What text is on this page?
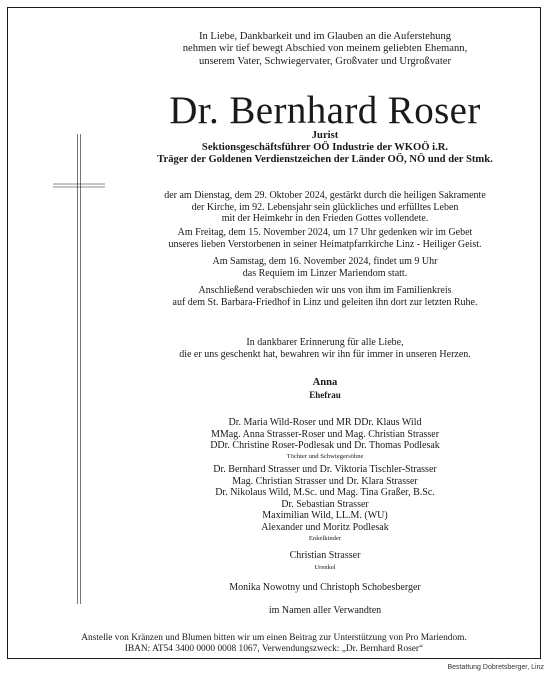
In Liebe, Dankbarkeit und im Glauben an die Auferstehung
nehmen wir tief bewegt Abschied von meinem geliebten Ehemann,
unserem Vater, Schwiegervater, Großvater und Urgroßvater
Dr. Bernhard Roser
Jurist
Sektionsgeschäftsführer OÖ Industrie der WKOÖ i.R.
Träger der Goldenen Verdienstzeichen der Länder OÖ, NÖ und der Stmk.
der am Dienstag, dem 29. Oktober 2024, gestärkt durch die heiligen Sakramente
der Kirche, im 92. Lebensjahr sein glückliches und erfülltes Leben
mit der Heimkehr in den Frieden Gottes vollendete.
Am Freitag, dem 15. November 2024, um 17 Uhr gedenken wir im Gebet
unseres lieben Verstorbenen in seiner Heimatpfarrkirche Linz - Heiliger Geist.
Am Samstag, dem 16. November 2024, findet um 9 Uhr
das Requiem im Linzer Mariendom statt.
Anschließend verabschieden wir uns von ihm im Familienkreis
auf dem St. Barbara-Friedhof in Linz und geleiten ihn dort zur letzten Ruhe.
In dankbarer Erinnerung für alle Liebe,
die er uns geschenkt hat, bewahren wir ihn für immer in unseren Herzen.
Anna
Ehefrau
Dr. Maria Wild-Roser und MR DDr. Klaus Wild
MMag. Anna Strasser-Roser und Mag. Christian Strasser
DDr. Christine Roser-Podlesak und Dr. Thomas Podlesak
Töchter und Schwiegersöhne
Dr. Bernhard Strasser und Dr. Viktoria Tischler-Strasser
Mag. Christian Strasser und Dr. Klara Strasser
Dr. Nikolaus Wild, M.Sc. und Mag. Tina Graßer, B.Sc.
Dr. Sebastian Strasser
Maximilian Wild, LL.M. (WU)
Alexander und Moritz Podlesak
Enkelkinder
Christian Strasser
Urenkel
Monika Nowotny und Christoph Schobesberger
im Namen aller Verwandten
Anstelle von Kränzen und Blumen bitten wir um einen Beitrag zur Unterstützung von Pro Mariendom.
IBAN: AT54 3400 0000 0008 1067, Verwendungszweck: „Dr. Bernhard Roser“
Bestattung Dobretsberger, Linz
